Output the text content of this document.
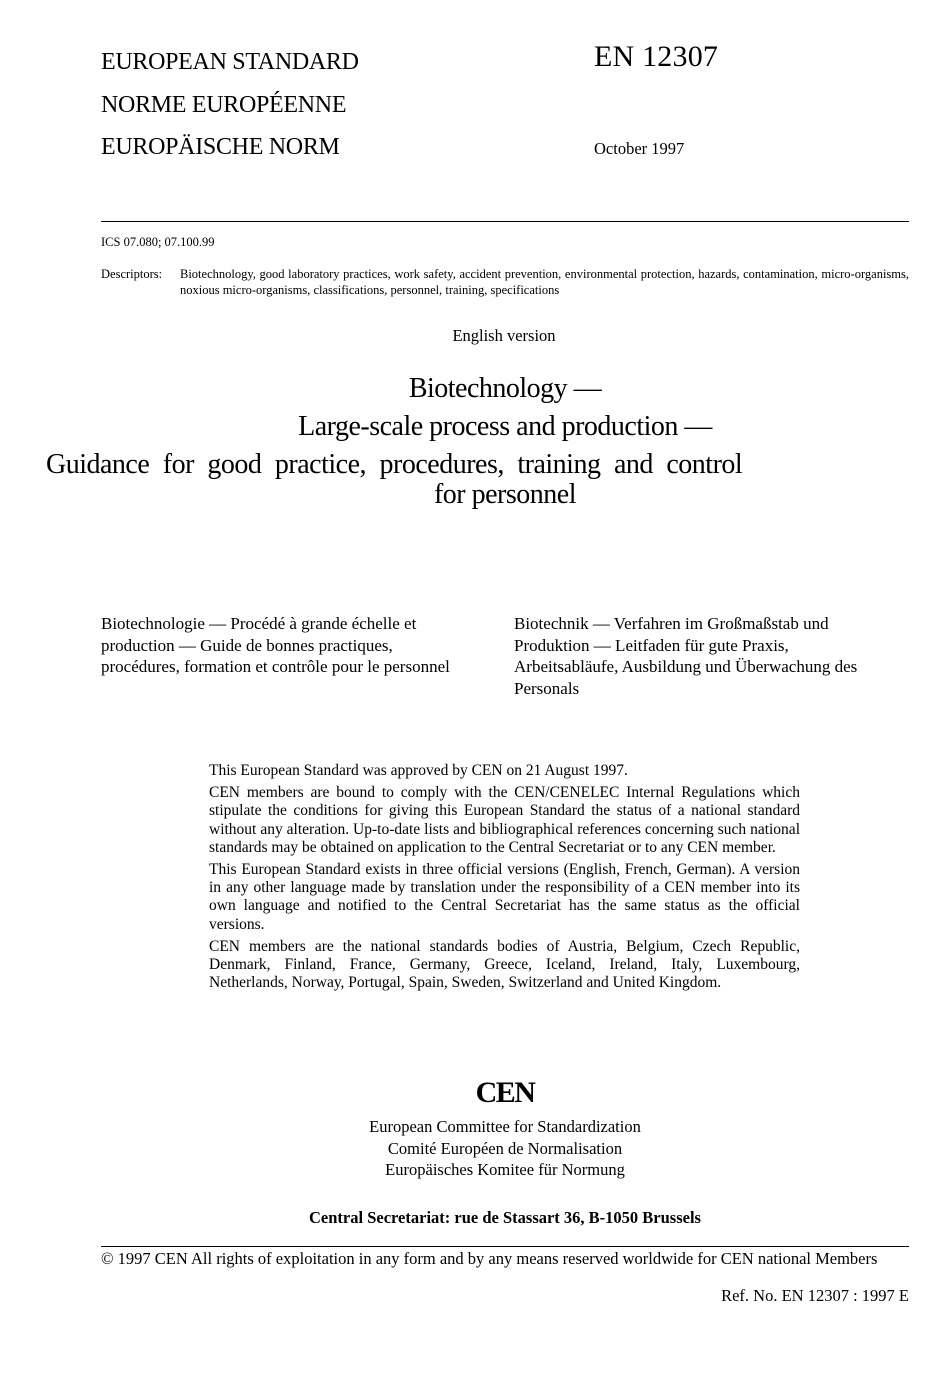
EUROPEAN STANDARD
NORME EUROPÉENNE
EUROPÄISCHE NORM
EN 12307
October 1997
ICS 07.080; 07.100.99
Descriptors: Biotechnology, good laboratory practices, work safety, accident prevention, environmental protection, hazards, contamination, micro-organisms, noxious micro-organisms, classifications, personnel, training, specifications
English version
Biotechnology —
Large-scale process and production —
Guidance for good practice, procedures, training and control
for personnel
Biotechnologie — Procédé à grande échelle et
production — Guide de bonnes practiques,
procédures, formation et contrôle pour le personnel
Biotechnik — Verfahren im Großmaßstab und
Produktion — Leitfaden für gute Praxis,
Arbeitsabläufe, Ausbildung und Überwachung des
Personals

This European Standard was approved by CEN on 21 August 1997.

CEN members are bound to comply with the CEN/CENELEC Internal Regulations which stipulate the conditions for giving this European Standard the status of a national standard without any alteration. Up-to-date lists and bibliographical references concerning such national standards may be obtained on application to the Central Secretariat or to any CEN member.

This European Standard exists in three official versions (English, French, German). A version in any other language made by translation under the responsibility of a CEN member into its own language and notified to the Central Secretariat has the same status as the official versions.

CEN members are the national standards bodies of Austria, Belgium, Czech Republic, Denmark, Finland, France, Germany, Greece, Iceland, Ireland, Italy, Luxembourg, Netherlands, Norway, Portugal, Spain, Sweden, Switzerland and United Kingdom.

CEN
European Committee for Standardization
Comité Européen de Normalisation
Europäisches Komitee für Normung
Central Secretariat: rue de Stassart 36, B-1050 Brussels
© 1997 CEN All rights of exploitation in any form and by any means reserved worldwide for CEN national Members
Ref. No. EN 12307 : 1997 E
